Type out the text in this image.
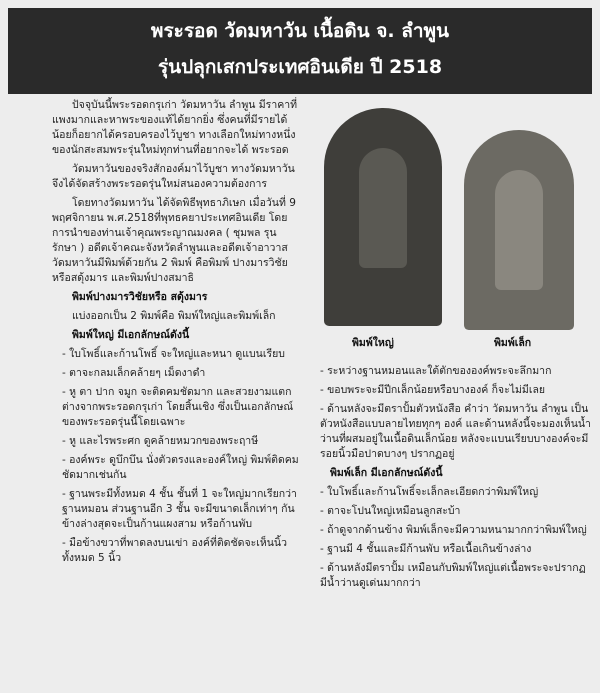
พระรอด วัดมหาวัน เนื้อดิน จ. ลำพูน
รุ่นปลุกเสกประเทศอินเดีย ปี 2518

ปัจจุบันนี้พระรอดกรุเก่า วัดมหาวัน ลำพูน มีราคาที่แพงมากและหาพระของแท้ได้ยากยิ่ง ซึ่งคนที่มีรายได้น้อยก็อยากได้ครอบครองไว้บูชา ทางเลือกใหม่ทางหนึ่งของนักสะสมพระรุ่นใหม่ทุกท่านที่อยากจะได้ พระรอด

วัดมหาวันของจริงสักองค์มาไว้บูชา ทางวัดมหาวัน จึงได้จัดสร้างพระรอดรุ่นใหม่สนองความต้องการ

โดยทางวัดมหาวัน ได้จัดพิธีพุทธาภิเษก เมื่อวันที่ 9 พฤศจิกายน พ.ศ.2518ที่พุทธคยาประเทศอินเดีย โดยการนำของท่านเจ้าคุณพระญาณมงคล ( ชุมพล รุนรักษา ) อดีตเจ้าคณะจังหวัดลำพูนและอดีตเจ้าอาวาสวัดมหาวันมีพิมพ์ด้วยกัน 2 พิมพ์ คือพิมพ์ ปางมารวิชัยหรือสดุ้งมาร และพิมพ์ปางสมาธิ

พิมพ์ปางมารวิชัยหรือ สดุ้งมาร

แบ่งออกเป็น 2 พิมพ์คือ พิมพ์ใหญ่และพิมพ์เล็ก

พิมพ์ใหญ่ มีเอกลักษณ์ดังนี้

- ใบโพธิ์และก้านโพธิ์ จะใหญ่และหนา ดูแบนเรียบ

- ตาจะกลมเล็กคล้ายๆ เม็ดงาดำ

- หู ตา ปาก จมูก จะติดคมชัดมาก และสวยงามแตกต่างจากพระรอดกรุเก่า โดยสิ้นเชิง ซึ่งเป็นเอกลักษณ์ของพระรอดรุ่นนี้โดยเฉพาะ

- หู และไรพระศก ดูคล้ายหมวกของพระฤาษี

- องค์พระ ดูบึกบึน นั่งตัวตรงและองค์ใหญ่ พิมพ์ติดคมชัดมากเช่นกัน

- ฐานพระมีทั้งหมด 4 ชั้น ชั้นที่ 1 จะใหญ่มากเรียกว่า ฐานหมอน ส่วนฐานอีก 3 ชั้น จะมีขนาดเล็กเท่าๆ กัน ข้างล่างสุดจะเป็นก้านแผงสาม หรือก้านพับ

- มือข้างขวาที่พาดลงบนเข่า องค์ที่ติดชัดจะเห็นนิ้วทั้งหมด 5 นิ้ว

พิมพ์ใหญ่	พิมพ์เล็ก

- ระหว่างฐานหมอนและใต้ตักขององค์พระจะลึกมาก

- ขอบพระจะมีปีกเล็กน้อยหรือบางองค์ ก็จะไม่มีเลย

- ด้านหลังจะมีตราปั้มตัวหนังสือ คำว่า วัดมหาวัน ลำพูน เป็นตัวหนังสือแบบลายไทยทุกๆ องค์ และด้านหลังนี้จะมองเห็นน้ำว่านที่ผสมอยู่ในเนื้อดินเล็กน้อย หลังจะแบนเรียบบางองค์จะมีรอยนิ้วมือปาดบางๆ ปรากฏอยู่

พิมพ์เล็ก มีเอกลักษณ์ดังนี้

- ใบโพธิ์และก้านโพธิ์จะเล็กละเอียดกว่าพิมพ์ใหญ่

- ตาจะโปนใหญ่เหมือนลูกสะบ้า

- ถ้าดูจากด้านข้าง พิมพ์เล็กจะมีความหนามากกว่าพิมพ์ใหญ่

- ฐานมี 4 ชั้นและมีก้านพับ หรือเนื้อเกินข้างล่าง

- ด้านหลังมีตราปั้ม เหมือนกับพิมพ์ใหญ่แต่เนื้อพระจะปรากฏมีน้ำว่านดูเด่นมากกว่า
